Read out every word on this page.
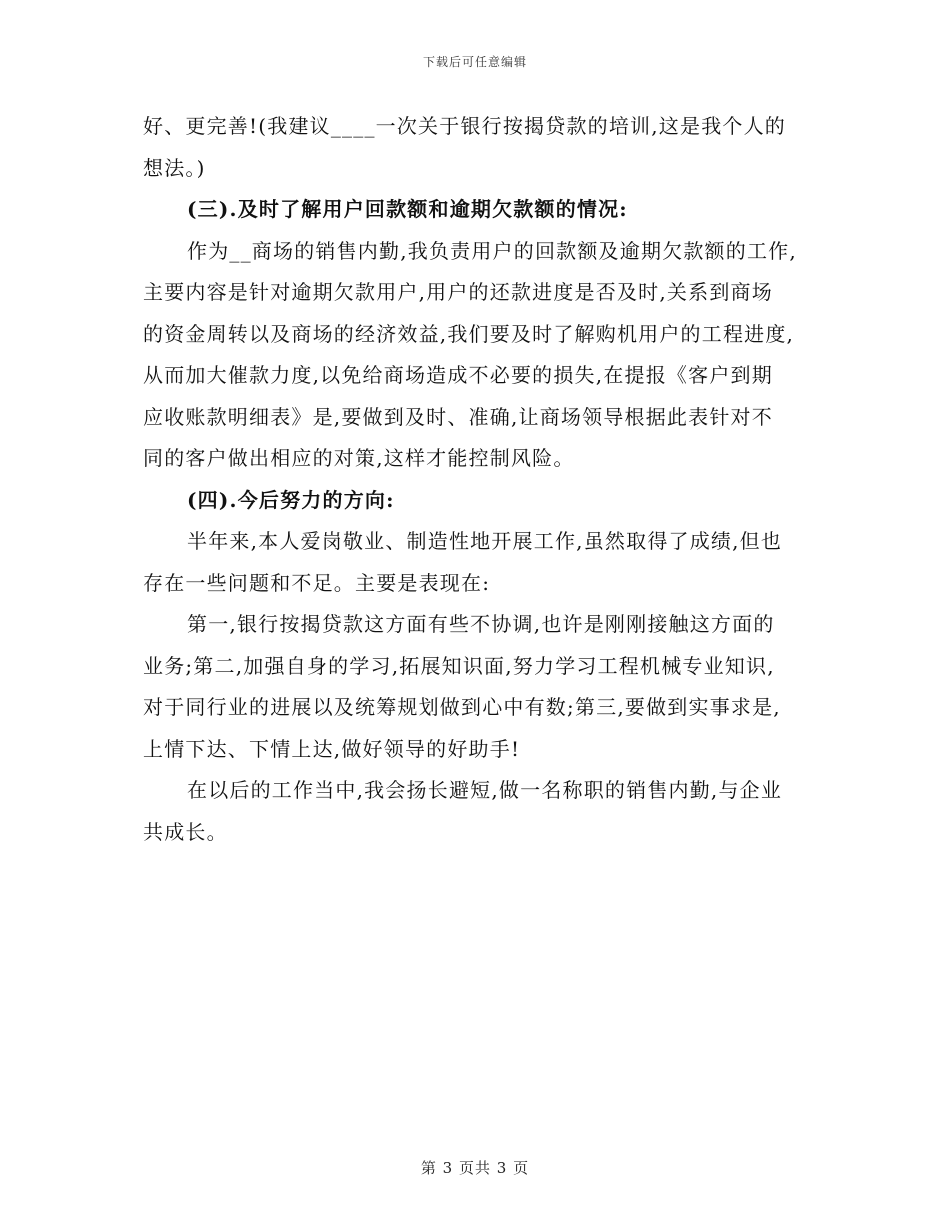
下载后可任意编辑
好、更完善!(我建议____一次关于银行按揭贷款的培训,这是我个人的
想法。)
(三).及时了解用户回款额和逾期欠款额的情况:
作为__商场的销售内勤,我负责用户的回款额及逾期欠款额的工作,
主要内容是针对逾期欠款用户,用户的还款进度是否及时,关系到商场
的资金周转以及商场的经济效益,我们要及时了解购机用户的工程进度,
从而加大催款力度,以免给商场造成不必要的损失,在提报《客户到期
应收账款明细表》是,要做到及时、准确,让商场领导根据此表针对不
同的客户做出相应的对策,这样才能控制风险。
(四).今后努力的方向:
半年来,本人爱岗敬业、制造性地开展工作,虽然取得了成绩,但也
存在一些问题和不足。主要是表现在:
第一,银行按揭贷款这方面有些不协调,也许是刚刚接触这方面的
业务;第二,加强自身的学习,拓展知识面,努力学习工程机械专业知识,
对于同行业的进展以及统筹规划做到心中有数;第三,要做到实事求是,
上情下达、下情上达,做好领导的好助手!
在以后的工作当中,我会扬长避短,做一名称职的销售内勤,与企业
共成长。
第 3 页共 3 页
